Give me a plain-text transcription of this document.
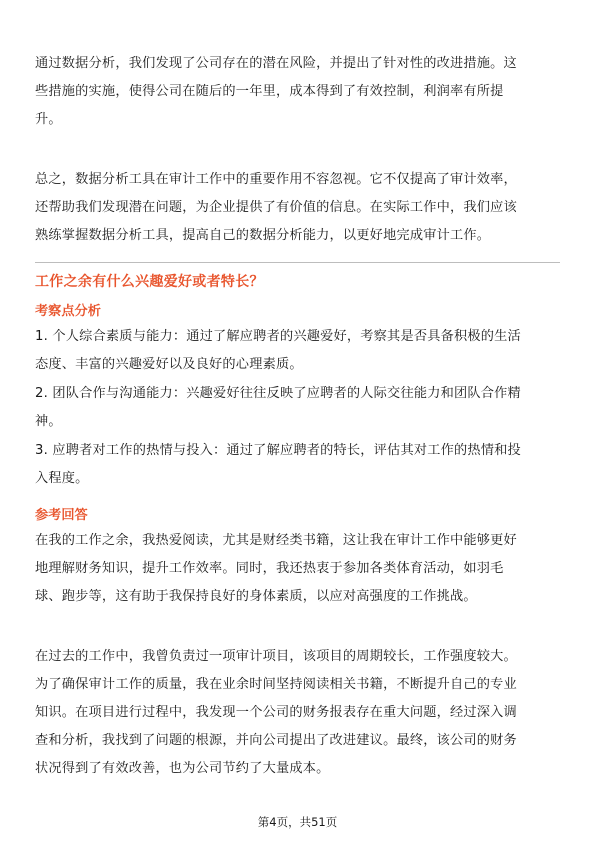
通过数据分析，我们发现了公司存在的潜在风险，并提出了针对性的改进措施。这
些措施的实施，使得公司在随后的一年里，成本得到了有效控制，利润率有所提
升。
总之，数据分析工具在审计工作中的重要作用不容忽视。它不仅提高了审计效率，
还帮助我们发现潜在问题，为企业提供了有价值的信息。在实际工作中，我们应该
熟练掌握数据分析工具，提高自己的数据分析能力，以更好地完成审计工作。
工作之余有什么兴趣爱好或者特长？
考察点分析
1. 个人综合素质与能力：通过了解应聘者的兴趣爱好，考察其是否具备积极的生活
态度、丰富的兴趣爱好以及良好的心理素质。
2. 团队合作与沟通能力：兴趣爱好往往反映了应聘者的人际交往能力和团队合作精
神。
3. 应聘者对工作的热情与投入：通过了解应聘者的特长，评估其对工作的热情和投
入程度。
参考回答
在我的工作之余，我热爱阅读，尤其是财经类书籍，这让我在审计工作中能够更好
地理解财务知识，提升工作效率。同时，我还热衷于参加各类体育活动，如羽毛
球、跑步等，这有助于我保持良好的身体素质，以应对高强度的工作挑战。
在过去的工作中，我曾负责过一项审计项目，该项目的周期较长，工作强度较大。
为了确保审计工作的质量，我在业余时间坚持阅读相关书籍，不断提升自己的专业
知识。在项目进行过程中，我发现一个公司的财务报表存在重大问题，经过深入调
查和分析，我找到了问题的根源，并向公司提出了改进建议。最终，该公司的财务
状况得到了有效改善，也为公司节约了大量成本。
第4页，共51页
